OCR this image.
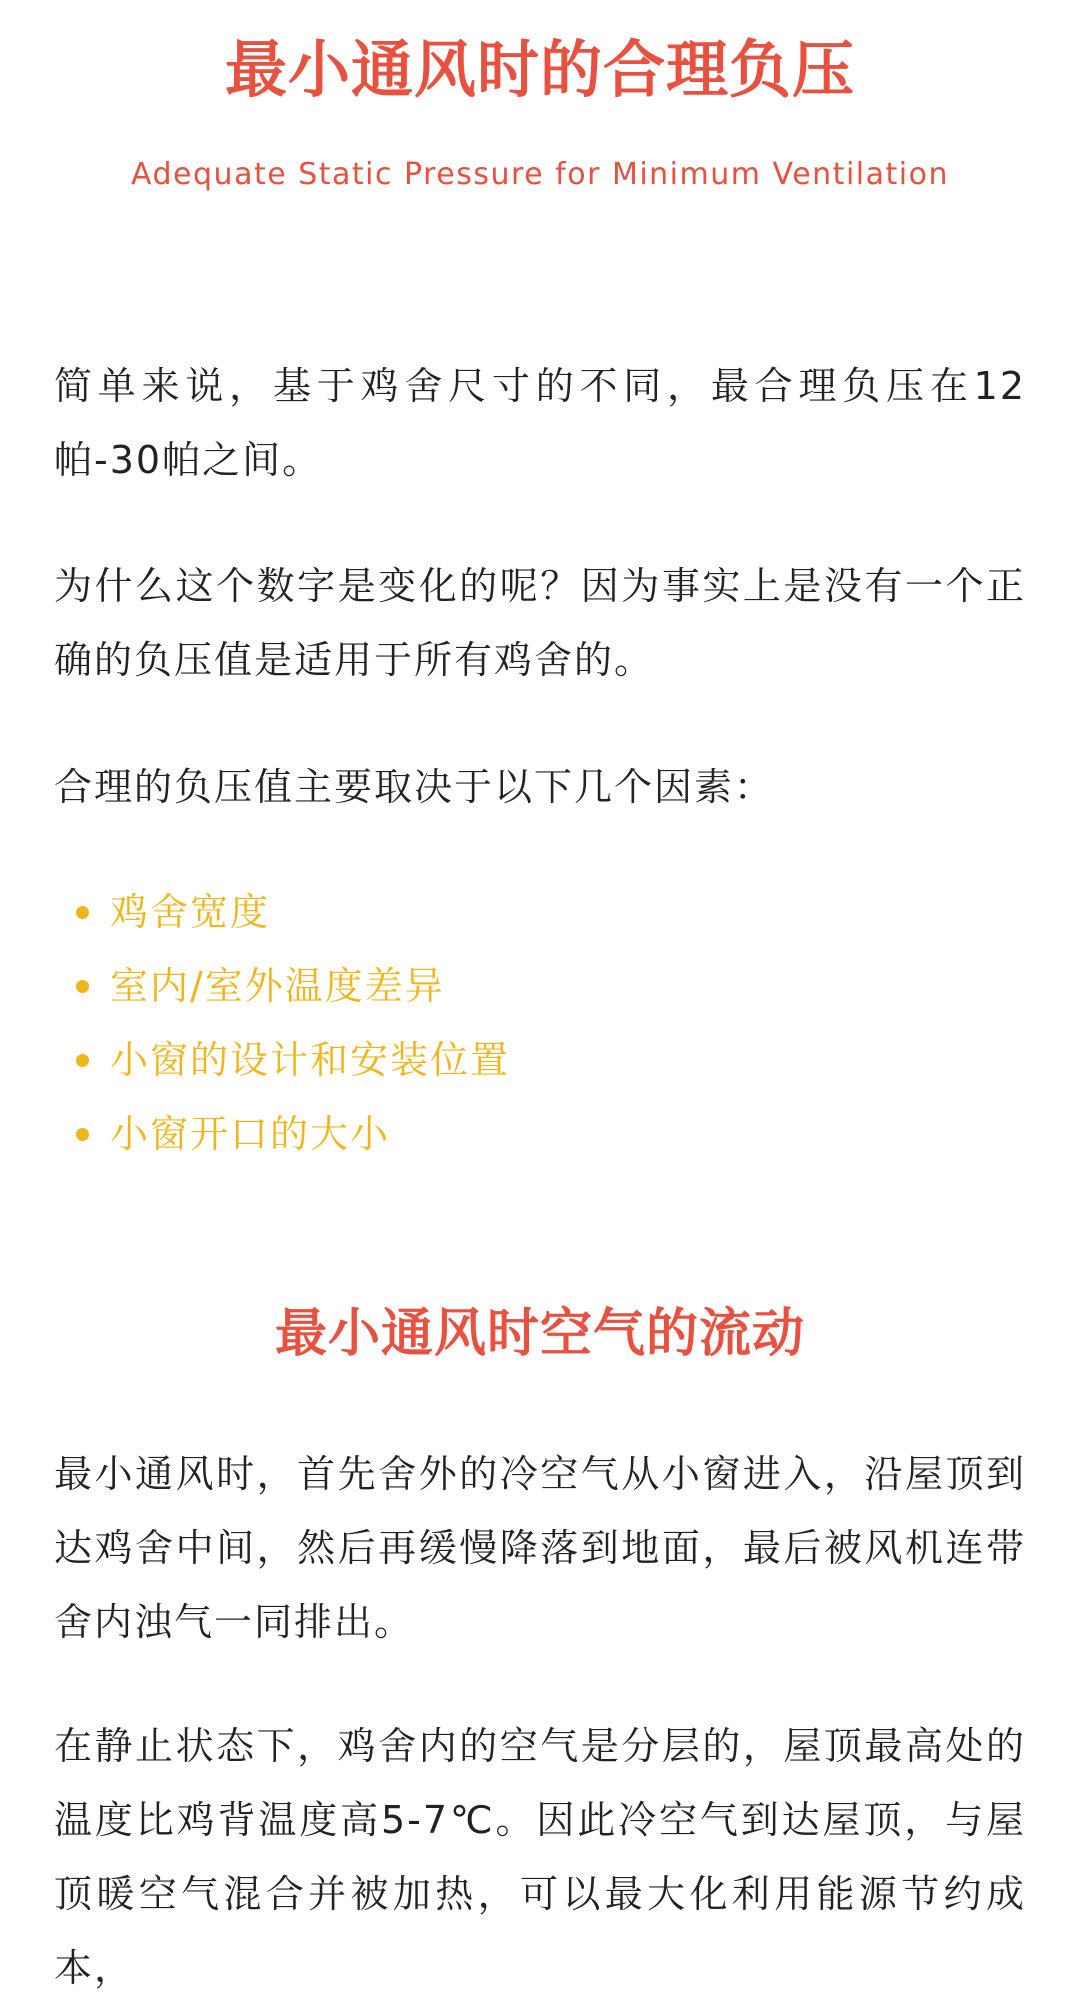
最小通风时的合理负压
Adequate Static Pressure for Minimum Ventilation

简单来说，基于鸡舍尺寸的不同，最合理负压在12帕-30帕之间。

为什么这个数字是变化的呢？因为事实上是没有一个正确的负压值是适用于所有鸡舍的。

合理的负压值主要取决于以下几个因素：

鸡舍宽度
室内/室外温度差异
小窗的设计和安装位置
小窗开口的大小
最小通风时空气的流动

最小通风时，首先舍外的冷空气从小窗进入，沿屋顶到达鸡舍中间，然后再缓慢降落到地面，最后被风机连带舍内浊气一同排出。

在静止状态下，鸡舍内的空气是分层的，屋顶最高处的温度比鸡背温度高5-7℃。因此冷空气到达屋顶，与屋顶暖空气混合并被加热，可以最大化利用能源节约成本，
